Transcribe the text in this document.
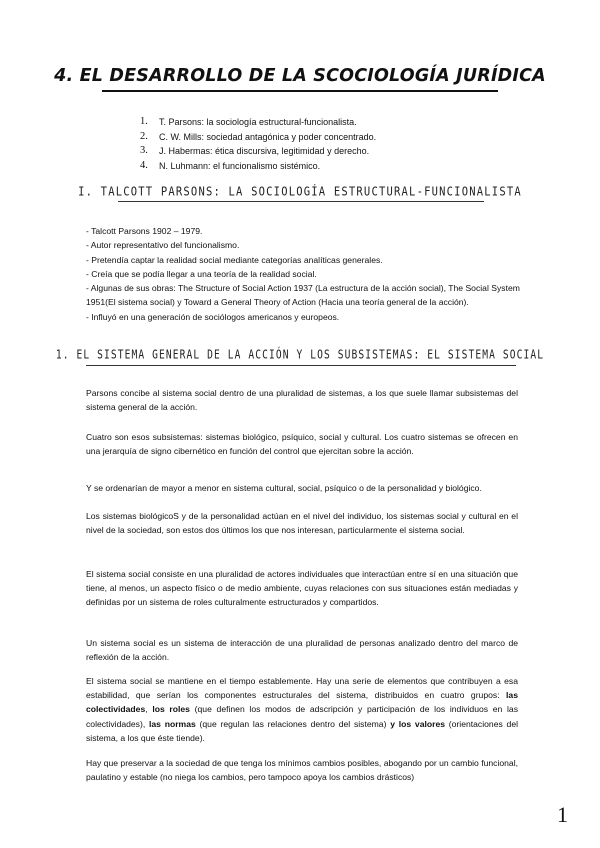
4. EL DESARROLLO DE LA SCOCIOLOGÍA JURÍDICA
1.	T. Parsons: la sociología estructural-funcionalista.
2.	C. W. Mills: sociedad antagónica y poder concentrado.
3.	J. Habermas: ética discursiva, legitimidad y derecho.
4.	N. Luhmann: el funcionalismo sistémico.
I. TALCOTT PARSONS: LA SOCIOLOGÍA ESTRUCTURAL-FUNCIONALISTA
- Talcott Parsons 1902 – 1979.
- Autor representativo del funcionalismo.
- Pretendía captar la realidad social mediante categorías analíticas generales.
- Creía que se podía llegar a una teoría de la realidad social.
- Algunas de sus obras: The Structure of Social Action 1937 (La estructura de la acción social), The Social System 1951(El sistema social) y Toward a General Theory of Action (Hacia una teoría general de la acción).
- Influyó en una generación de sociólogos americanos y europeos.
1. EL SISTEMA GENERAL DE LA ACCIÓN Y LOS SUBSISTEMAS: EL SISTEMA SOCIAL

Parsons concibe al sistema social dentro de una pluralidad de sistemas, a los que suele llamar subsistemas del sistema general de la acción.

Cuatro son esos subsistemas: sistemas biológico, psíquico, social y cultural. Los cuatro sistemas se ofrecen en una jerarquía de signo cibernético en función del control que ejercitan sobre la acción.

Y se ordenarían de mayor a menor en sistema cultural, social, psíquico o de la personalidad y biológico.

Los sistemas biológicoS y de la personalidad actúan en el nivel del individuo, los sistemas social y cultural en el nivel de la sociedad, son estos dos últimos los que nos interesan, particularmente el sistema social.

El sistema social consiste en una pluralidad de actores individuales que interactúan entre sí en una situación que tiene, al menos, un aspecto físico o de medio ambiente, cuyas relaciones con sus situaciones están mediadas y definidas por un sistema de roles culturalmente estructurados y compartidos.

Un sistema social es un sistema de interacción de una pluralidad de personas analizado dentro del marco de reflexión de la acción.

El sistema social se mantiene en el tiempo establemente. Hay una serie de elementos que contribuyen a esa estabilidad, que serían los componentes estructurales del sistema, distribuidos en cuatro grupos: las colectividades, los roles (que definen los modos de adscripción y participación de los individuos en las colectividades), las normas (que regulan las relaciones dentro del sistema) y los valores (orientaciones del sistema, a los que éste tiende).

Hay que preservar a la sociedad de que tenga los mínimos cambios posibles, abogando por un cambio funcional, paulatino y estable (no niega los cambios, pero tampoco apoya los cambios drásticos)

1
